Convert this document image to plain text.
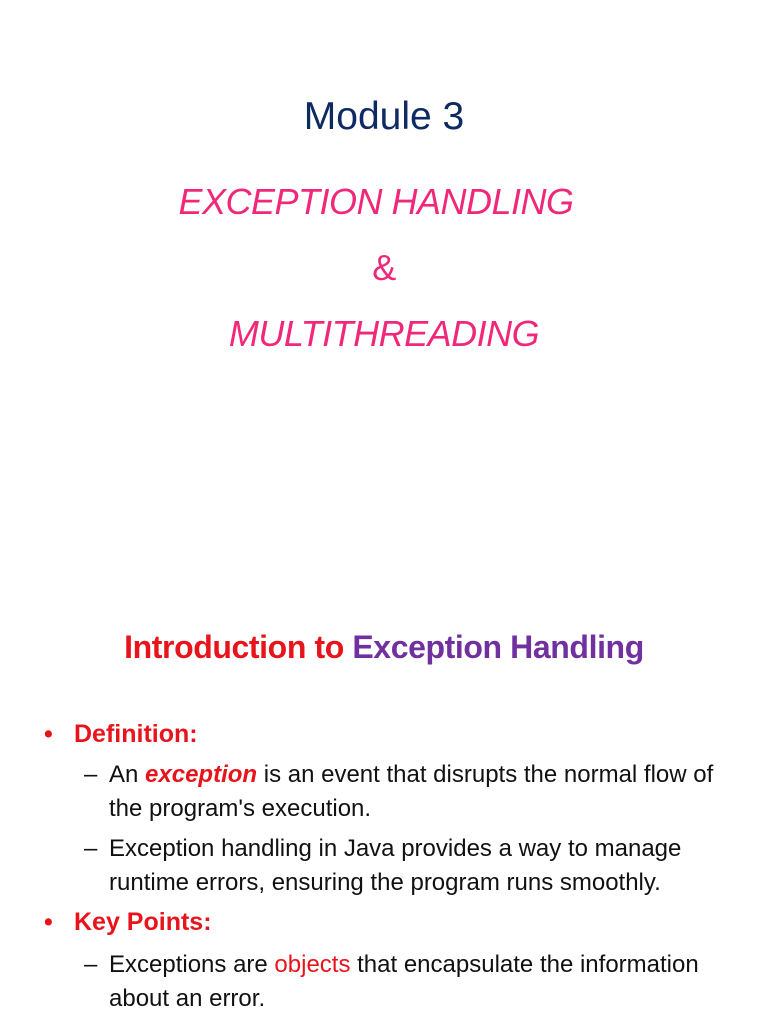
Module 3
EXCEPTION HANDLING
&
MULTITHREADING
Introduction to Exception Handling
• Definition:
– An exception is an event that disrupts the normal flow of the program's execution.
– Exception handling in Java provides a way to manage runtime errors, ensuring the program runs smoothly.
• Key Points:
– Exceptions are objects that encapsulate the information about an error.
